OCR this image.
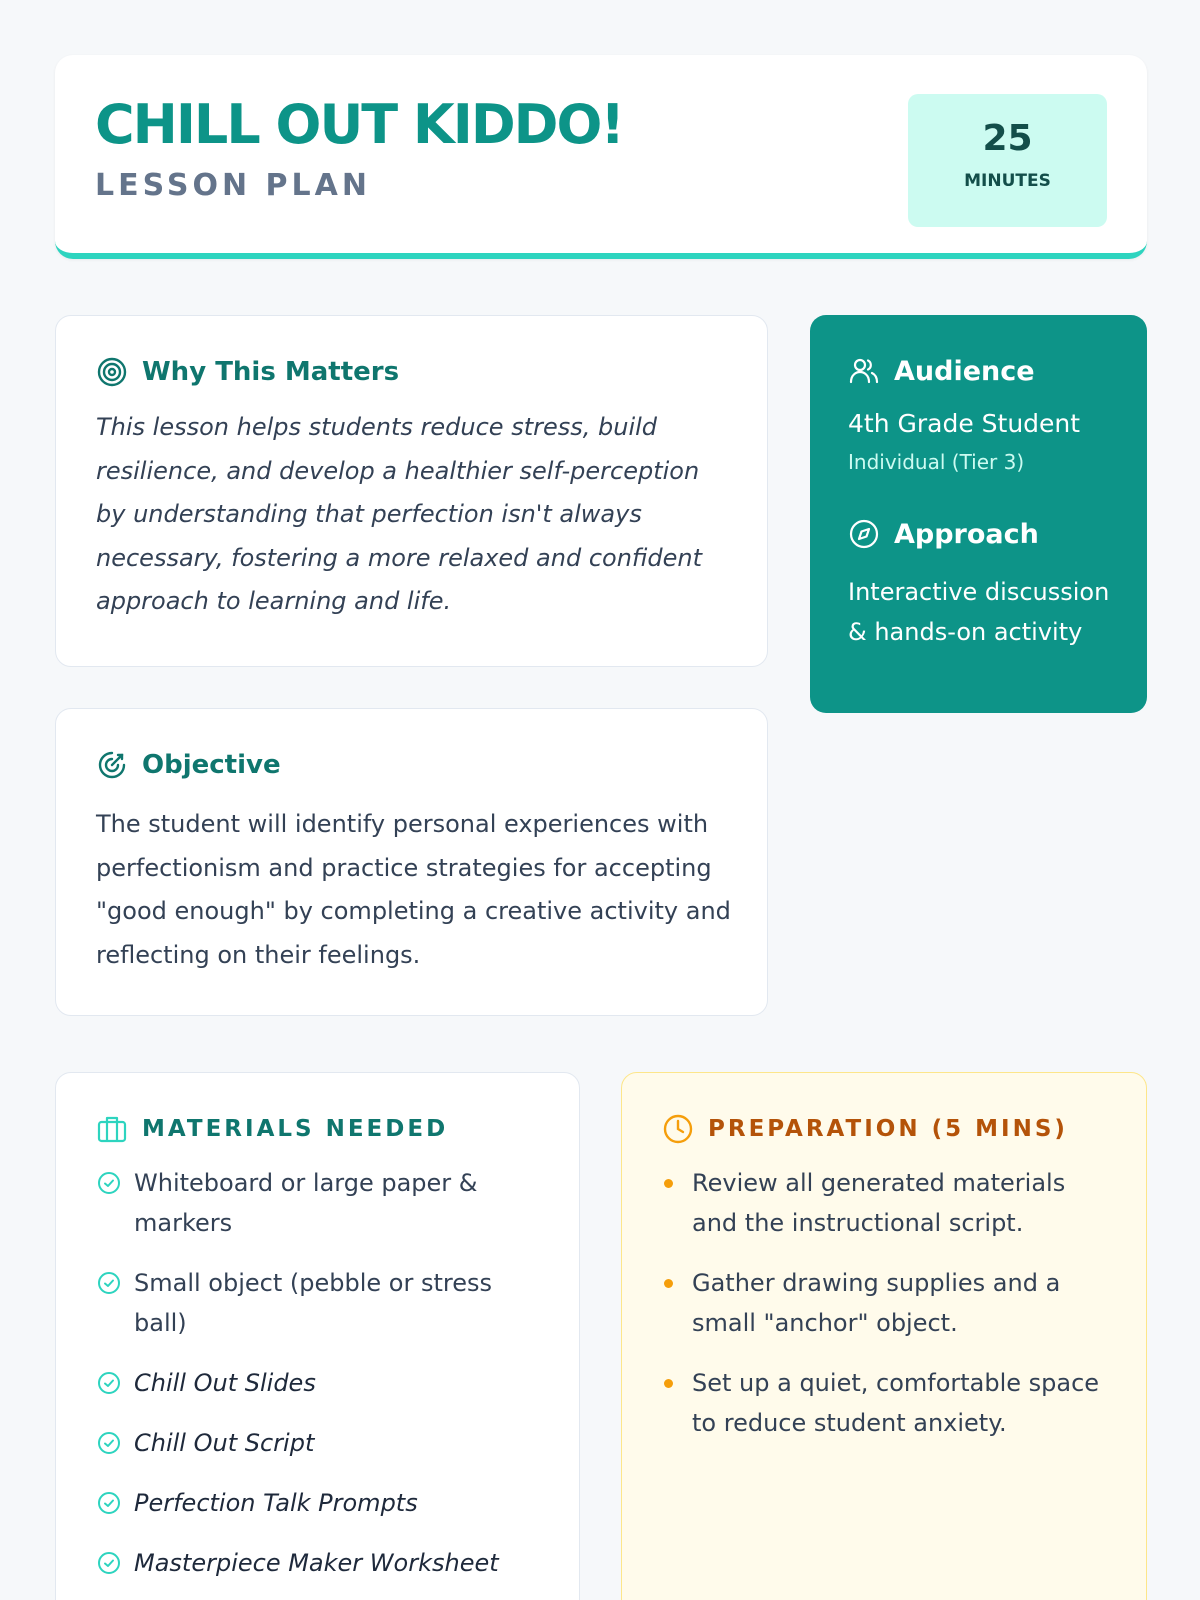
CHILL OUT KIDDO!
LESSON PLAN
25
MINUTES
Why This Matters

This lesson helps students reduce stress, build resilience, and develop a healthier self-perception by understanding that perfection isn't always necessary, fostering a more relaxed and confident approach to learning and life.

Objective

The student will identify personal experiences with perfectionism and practice strategies for accepting "good enough" by completing a creative activity and reflecting on their feelings.

Audience
4th Grade Student
Individual (Tier 3)
Approach

Interactive discussion & hands-on activity

MATERIALS NEEDED
Whiteboard or large paper & markers
Small object (pebble or stress ball)
Chill Out Slides
Chill Out Script
Perfection Talk Prompts
Masterpiece Maker Worksheet
PREPARATION (5 MINS)
Review all generated materials and the instructional script.
Gather drawing supplies and a small "anchor" object.
Set up a quiet, comfortable space to reduce student anxiety.
